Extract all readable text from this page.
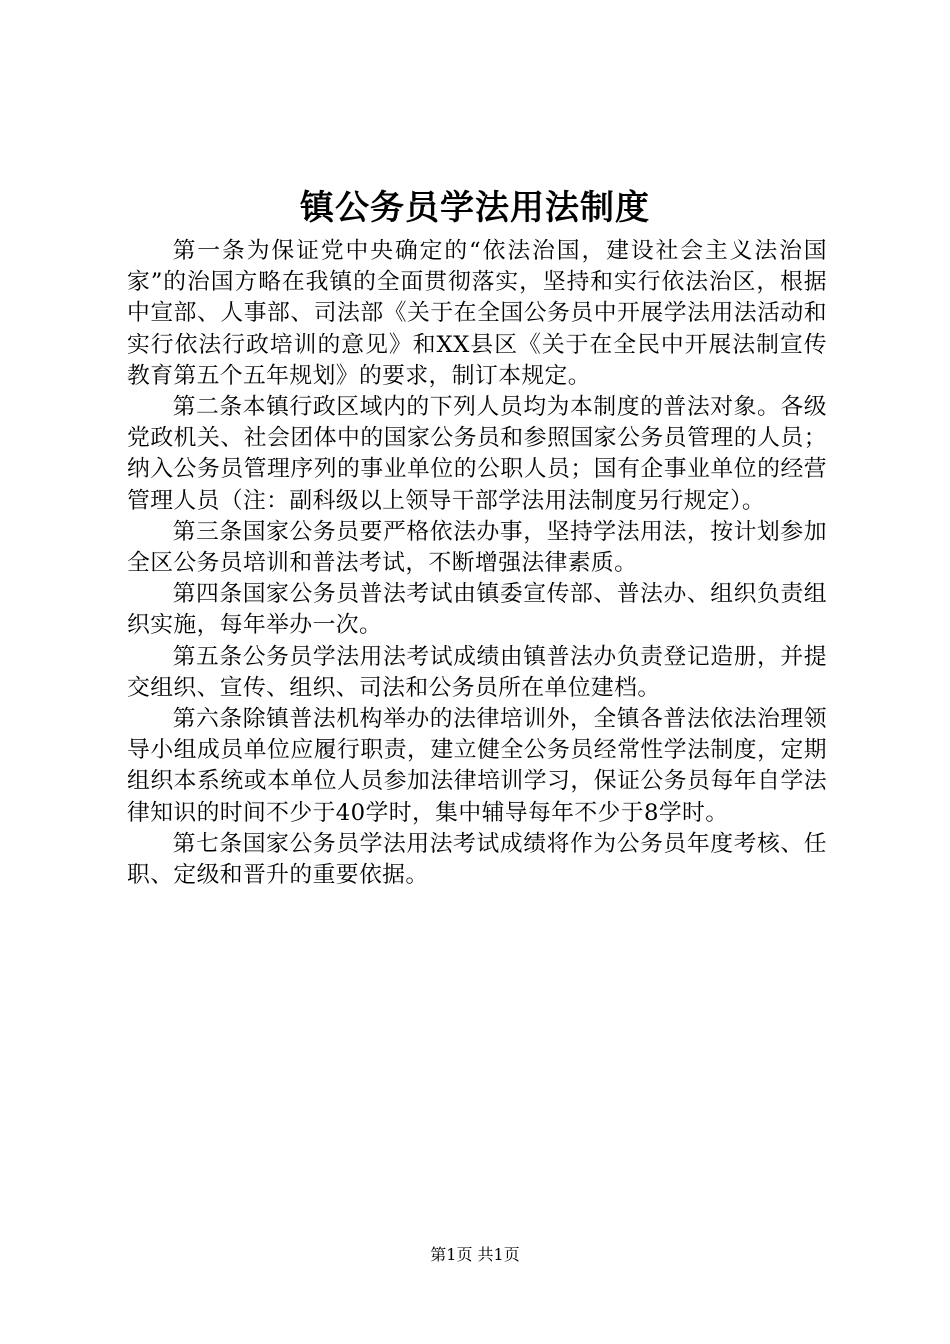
镇公务员学法用法制度

第一条为保证党中央确定的“依法治国，建设社会主义法治国家”的治国方略在我镇的全面贯彻落实，坚持和实行依法治区，根据中宣部、人事部、司法部《关于在全国公务员中开展学法用法活动和实行依法行政培训的意见》和XX县区《关于在全民中开展法制宣传教育第五个五年规划》的要求，制订本规定。

第二条本镇行政区域内的下列人员均为本制度的普法对象。各级党政机关、社会团体中的国家公务员和参照国家公务员管理的人员；纳入公务员管理序列的事业单位的公职人员；国有企事业单位的经营管理人员（注：副科级以上领导干部学法用法制度另行规定）。

第三条国家公务员要严格依法办事，坚持学法用法，按计划参加全区公务员培训和普法考试，不断增强法律素质。

第四条国家公务员普法考试由镇委宣传部、普法办、组织负责组织实施，每年举办一次。

第五条公务员学法用法考试成绩由镇普法办负责登记造册，并提交组织、宣传、组织、司法和公务员所在单位建档。

第六条除镇普法机构举办的法律培训外，全镇各普法依法治理领导小组成员单位应履行职责，建立健全公务员经常性学法制度，定期组织本系统或本单位人员参加法律培训学习，保证公务员每年自学法律知识的时间不少于40学时，集中辅导每年不少于8学时。

第七条国家公务员学法用法考试成绩将作为公务员年度考核、任职、定级和晋升的重要依据。

第1页 共1页
